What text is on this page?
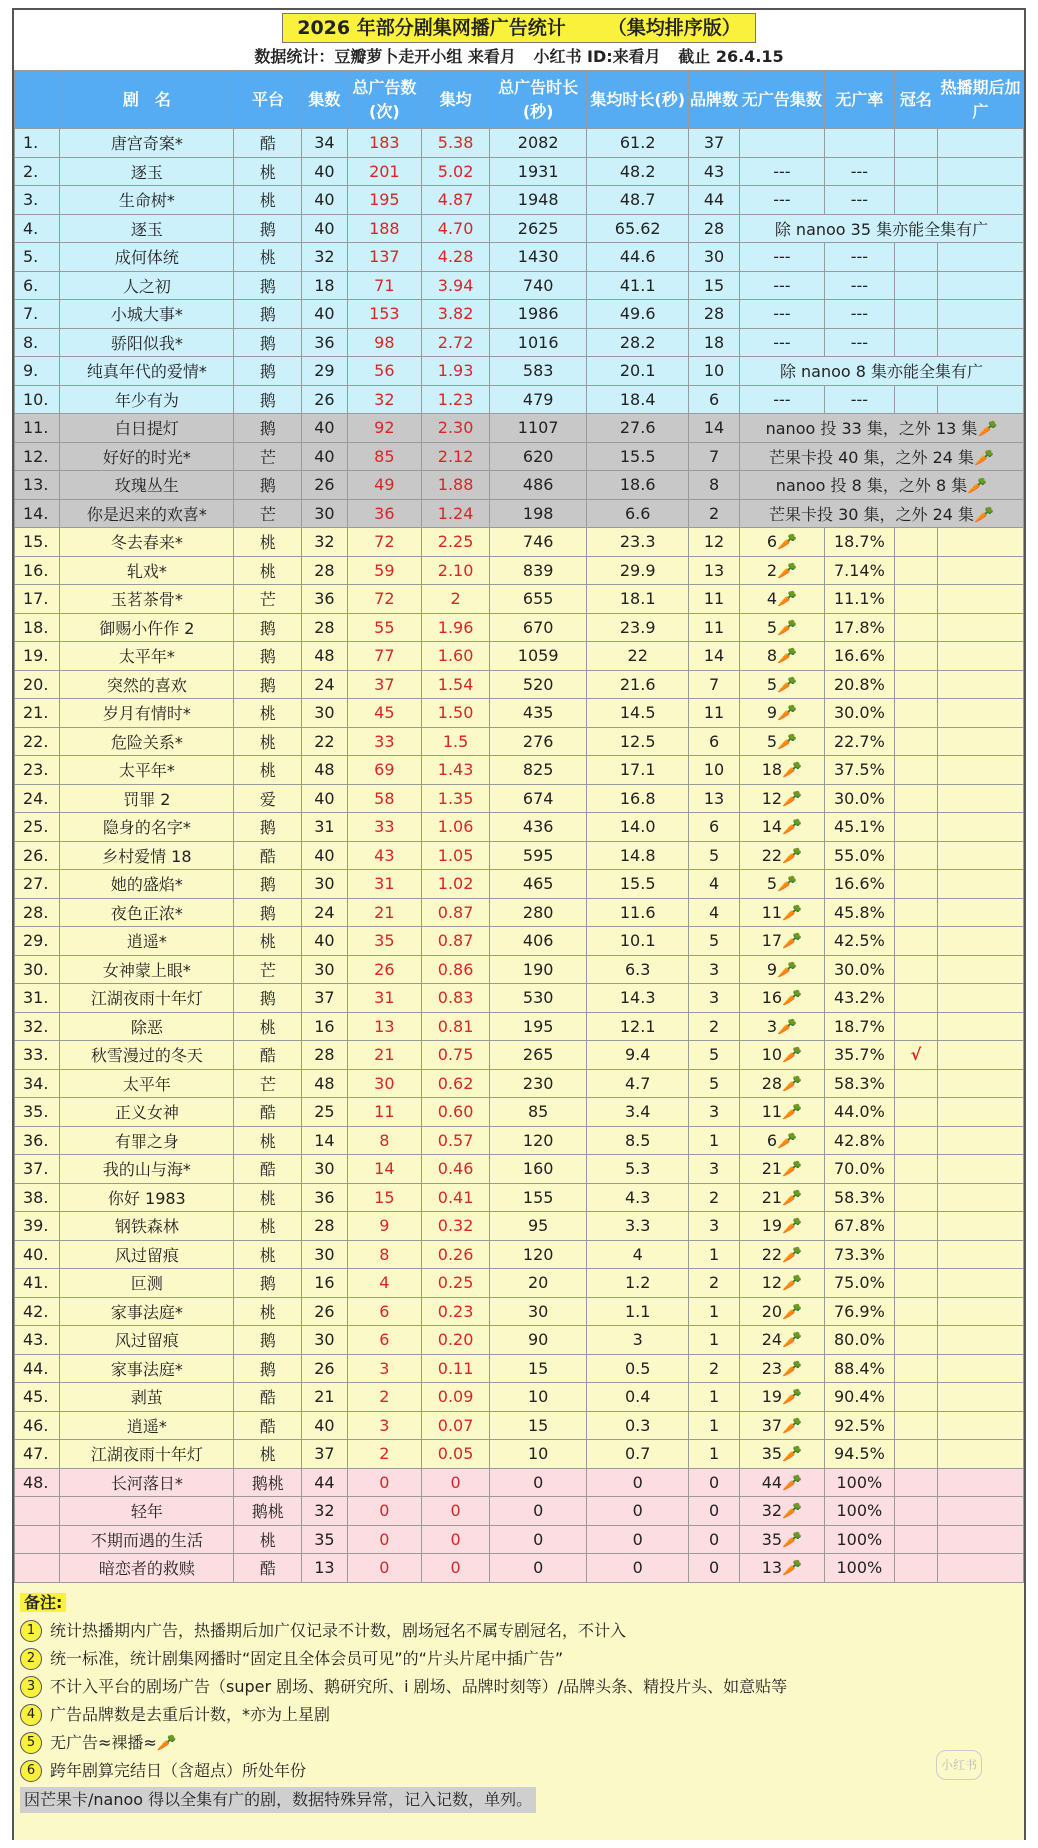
2026 年部分剧集网播广告统计 （集均排序版）
数据统计：豆瓣萝卜走开小组 来看月 小红书 ID:来看月 截止 26.4.15
	剧　名	平台	集数	总广告数(次)	集均	总广告时长(秒)	集均时长(秒)	品牌数	无广告集数	无广率	冠名	热播期后加广
1.	唐宫奇案*	酷	34	183	5.38	2082	61.2	37				
2.	逐玉	桃	40	201	5.02	1931	48.2	43	---	---		
3.	生命树*	桃	40	195	4.87	1948	48.7	44	---	---		
4.	逐玉	鹅	40	188	4.70	2625	65.62	28	除 nanoo 35 集亦能全集有广			
5.	成何体统	桃	32	137	4.28	1430	44.6	30	---	---		
6.	人之初	鹅	18	71	3.94	740	41.1	15	---	---		
7.	小城大事*	鹅	40	153	3.82	1986	49.6	28	---	---		
8.	骄阳似我*	鹅	36	98	2.72	1016	28.2	18	---	---		
9.	纯真年代的爱情*	鹅	29	56	1.93	583	20.1	10	除 nanoo 8 集亦能全集有广			
10.	年少有为	鹅	26	32	1.23	479	18.4	6	---	---		
11.	白日提灯	鹅	40	92	2.30	1107	27.6	14	nanoo 投 33 集，之外 13 集🥕			
12.	好好的时光*	芒	40	85	2.12	620	15.5	7	芒果卡投 40 集，之外 24 集🥕			
13.	玫瑰丛生	鹅	26	49	1.88	486	18.6	8	nanoo 投 8 集，之外 8 集🥕			
14.	你是迟来的欢喜*	芒	30	36	1.24	198	6.6	2	芒果卡投 30 集，之外 24 集🥕			
15.	冬去春来*	桃	32	72	2.25	746	23.3	12	6🥕	18.7%		
16.	轧戏*	桃	28	59	2.10	839	29.9	13	2🥕	7.14%		
17.	玉茗茶骨*	芒	36	72	2	655	18.1	11	4🥕	11.1%		
18.	御赐小仵作 2	鹅	28	55	1.96	670	23.9	11	5🥕	17.8%		
19.	太平年*	鹅	48	77	1.60	1059	22	14	8🥕	16.6%		
20.	突然的喜欢	鹅	24	37	1.54	520	21.6	7	5🥕	20.8%		
21.	岁月有情时*	桃	30	45	1.50	435	14.5	11	9🥕	30.0%		
22.	危险关系*	桃	22	33	1.5	276	12.5	6	5🥕	22.7%		
23.	太平年*	桃	48	69	1.43	825	17.1	10	18🥕	37.5%		
24.	罚罪 2	爱	40	58	1.35	674	16.8	13	12🥕	30.0%		
25.	隐身的名字*	鹅	31	33	1.06	436	14.0	6	14🥕	45.1%		
26.	乡村爱情 18	酷	40	43	1.05	595	14.8	5	22🥕	55.0%		
27.	她的盛焰*	鹅	30	31	1.02	465	15.5	4	5🥕	16.6%		
28.	夜色正浓*	鹅	24	21	0.87	280	11.6	4	11🥕	45.8%		
29.	逍遥*	桃	40	35	0.87	406	10.1	5	17🥕	42.5%		
30.	女神蒙上眼*	芒	30	26	0.86	190	6.3	3	9🥕	30.0%		
31.	江湖夜雨十年灯	鹅	37	31	0.83	530	14.3	3	16🥕	43.2%		
32.	除恶	桃	16	13	0.81	195	12.1	2	3🥕	18.7%		
33.	秋雪漫过的冬天	酷	28	21	0.75	265	9.4	5	10🥕	35.7%	√	
34.	太平年	芒	48	30	0.62	230	4.7	5	28🥕	58.3%		
35.	正义女神	酷	25	11	0.60	85	3.4	3	11🥕	44.0%		
36.	有罪之身	桃	14	8	0.57	120	8.5	1	6🥕	42.8%		
37.	我的山与海*	酷	30	14	0.46	160	5.3	3	21🥕	70.0%		
38.	你好 1983	桃	36	15	0.41	155	4.3	2	21🥕	58.3%		
39.	钢铁森林	桃	28	9	0.32	95	3.3	3	19🥕	67.8%		
40.	风过留痕	桃	30	8	0.26	120	4	1	22🥕	73.3%		
41.	叵测	鹅	16	4	0.25	20	1.2	2	12🥕	75.0%		
42.	家事法庭*	桃	26	6	0.23	30	1.1	1	20🥕	76.9%		
43.	风过留痕	鹅	30	6	0.20	90	3	1	24🥕	80.0%		
44.	家事法庭*	鹅	26	3	0.11	15	0.5	2	23🥕	88.4%		
45.	剥茧	酷	21	2	0.09	10	0.4	1	19🥕	90.4%		
46.	逍遥*	酷	40	3	0.07	15	0.3	1	37🥕	92.5%		
47.	江湖夜雨十年灯	桃	37	2	0.05	10	0.7	1	35🥕	94.5%		
48.	长河落日*	鹅桃	44	0	0	0	0	0	44🥕	100%		
	轻年	鹅桃	32	0	0	0	0	0	32🥕	100%		
	不期而遇的生活	桃	35	0	0	0	0	0	35🥕	100%		
	暗恋者的救赎	酷	13	0	0	0	0	0	13🥕	100%		

备注:
1 统计热播期内广告，热播期后加广仅记录不计数，剧场冠名不属专剧冠名，不计入
2 统一标准，统计剧集网播时“固定且全体会员可见”的“片头片尾中插广告”
3 不计入平台的剧场广告（super 剧场、鹅研究所、i 剧场、品牌时刻等）/品牌头条、精投片头、如意贴等
4 广告品牌数是去重后计数，*亦为上星剧
5 无广告≈裸播≈ 🥕
6 跨年剧算完结日（含超点）所处年份
因芒果卡/nanoo 得以全集有广的剧，数据特殊异常，记入记数，单列。
小红书
